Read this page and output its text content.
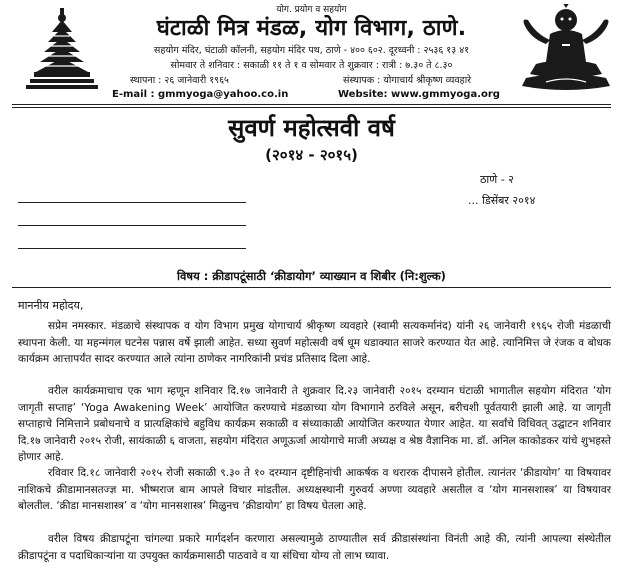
योग. प्रयोग व सहयोग
घंटाळी मित्र मंडळ, योग विभाग, ठाणे.
सहयोग मंदिर, घंटाळी कॉलनी, सहयोग मंदिर पथ, ठाणे - ४०० ६०२. दूरध्वनी : २५३६ १३ ४१
सोमवार ते शनिवार : सकाळी ११ ते १ व सोमवार ते शुक्रवार : रात्री : ७.३० ते ८.३०
स्थापना : २६ जानेवारी १९६५	संस्थापक : योगाचार्य श्रीकृष्ण व्यवहारे
E-mail : gmmyoga@yahoo.co.in	Website: www.gmmyoga.org
सुवर्ण महोत्सवी वर्ष
(२०१४ - २०१५)
ठाणे - २
... डिसेंबर २०१४
विषय : क्रीडापटूंसाठी ‘क्रीडायोग’ व्याख्यान व शिबीर (नि:शुल्क)
माननीय महोदय,
सप्रेम नमस्कार. मंडळाचे संस्थापक व योग विभाग प्रमुख योगाचार्य श्रीकृष्ण व्यवहारे (स्वामी सत्यकर्मानंद) यांनी २६ जानेवारी १९६५ रोजी मंडळाची स्थापना केली. या महन्मंगल घटनेस पन्नास वर्षे झाली आहेत. सध्या सुवर्ण महोत्सवी वर्ष धूम धडाक्यात साजरे करण्यात येत आहे. त्यानिमित्त जे रंजक व बोधक कार्यक्रम आत्तापर्यंत सादर करण्यात आले त्यांना ठाणेकर नागरिकांनी प्रचंड प्रतिसाद दिला आहे.
वरील कार्यक्रमाचाच एक भाग म्हणून शनिवार दि.१७ जानेवारी ते शुक्रवार दि.२३ जानेवारी २०१५ दरम्यान घंटाळी भागातील सहयोग मंदिरात ‘योग जागृती सप्ताह’ ‘Yoga Awakening Week’ आयोजित करण्याचे मंडळाच्या योग विभागाने ठरविले असून, बरीचशी पूर्वतयारी झाली आहे. या जागृती सप्ताहाचे निमित्ताने प्रबोधनाचे व प्रात्यक्षिकांचे बहुविध कार्यक्रम सकाळी व संध्याकाळी आयोजित करण्यात येणार आहेत. या सर्वांचे विधिवत् उद्घाटन शनिवार दि.१७ जानेवारी २०१५ रोजी, सायंकाळी ६ वाजता, सहयोग मंदिरात अणूऊर्जा आयोगाचे माजी अध्यक्ष व श्रेष्ठ वैज्ञानिक मा. डॉ. अनिल काकोडकर यांचे शुभहस्ते होणार आहे.
रविवार दि.१८ जानेवारी २०१५ रोजी सकाळी ९.३० ते १० दरम्यान दृष्टीहिनांची आकर्षक व थरारक दीपासने होतील. त्यानंतर ‘क्रीडायोग’ या विषयावर नाशिकचे क्रीडामानसतज्ज्ञ मा. भीष्मराज बाम आपले विचार मांडतील. अध्यक्षस्थानी गुरुवर्य अण्णा व्यवहारे असतील व ‘योग मानसशास्त्र’ या विषयावर बोलतील. ‘क्रीडा मानसशास्त्र’ व ‘योग मानसशास्त्र’ मिळुनच ‘क्रीडायोग’ हा विषय घेतला आहे.
वरील विषय क्रीडापटूंना चांगल्या प्रकारे मार्गदर्शन करणारा असल्यामुळे ठाण्यातील सर्व क्रीडासंस्थांना विनंती आहे की, त्यांनी आपल्या संस्थेतील क्रीडापटूंना व पदाधिकाऱ्यांना या उपयुक्त कार्यक्रमासाठी पाठवावे व या संधिचा योग्य तो लाभ घ्यावा.
